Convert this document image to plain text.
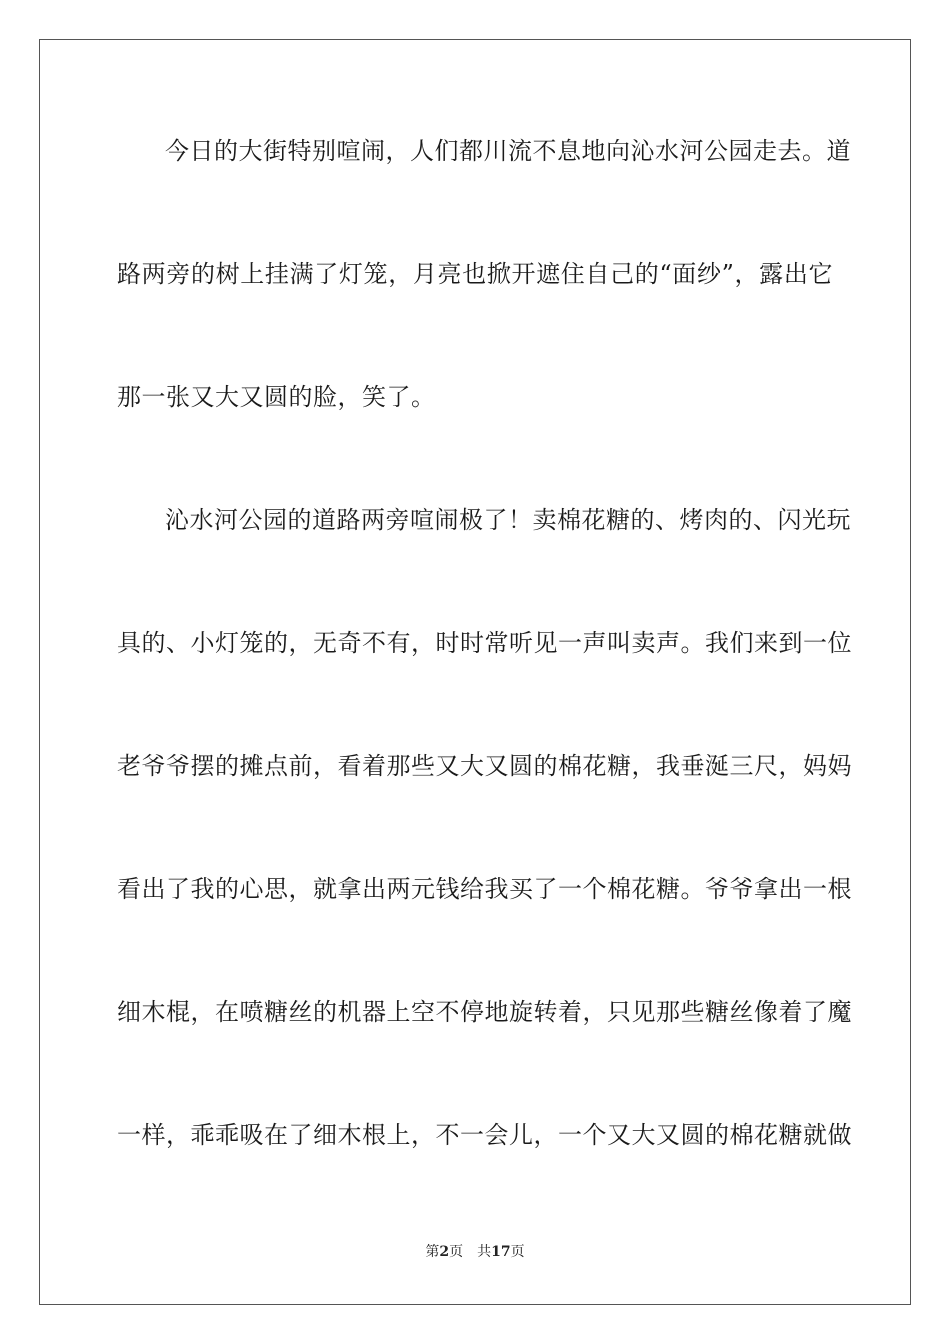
今日的大街特别喧闹，人们都川流不息地向沁水河公园走去。道
路两旁的树上挂满了灯笼，月亮也掀开遮住自己的“面纱”，露出它
那一张又大又圆的脸，笑了。
沁水河公园的道路两旁喧闹极了！卖棉花糖的、烤肉的、闪光玩
具的、小灯笼的，无奇不有，时时常听见一声叫卖声。我们来到一位
老爷爷摆的摊点前，看着那些又大又圆的棉花糖，我垂涎三尺，妈妈
看出了我的心思，就拿出两元钱给我买了一个棉花糖。爷爷拿出一根
细木棍，在喷糖丝的机器上空不停地旋转着，只见那些糖丝像着了魔
一样，乖乖吸在了细木根上，不一会儿，一个又大又圆的棉花糖就做
第2页 共17页
